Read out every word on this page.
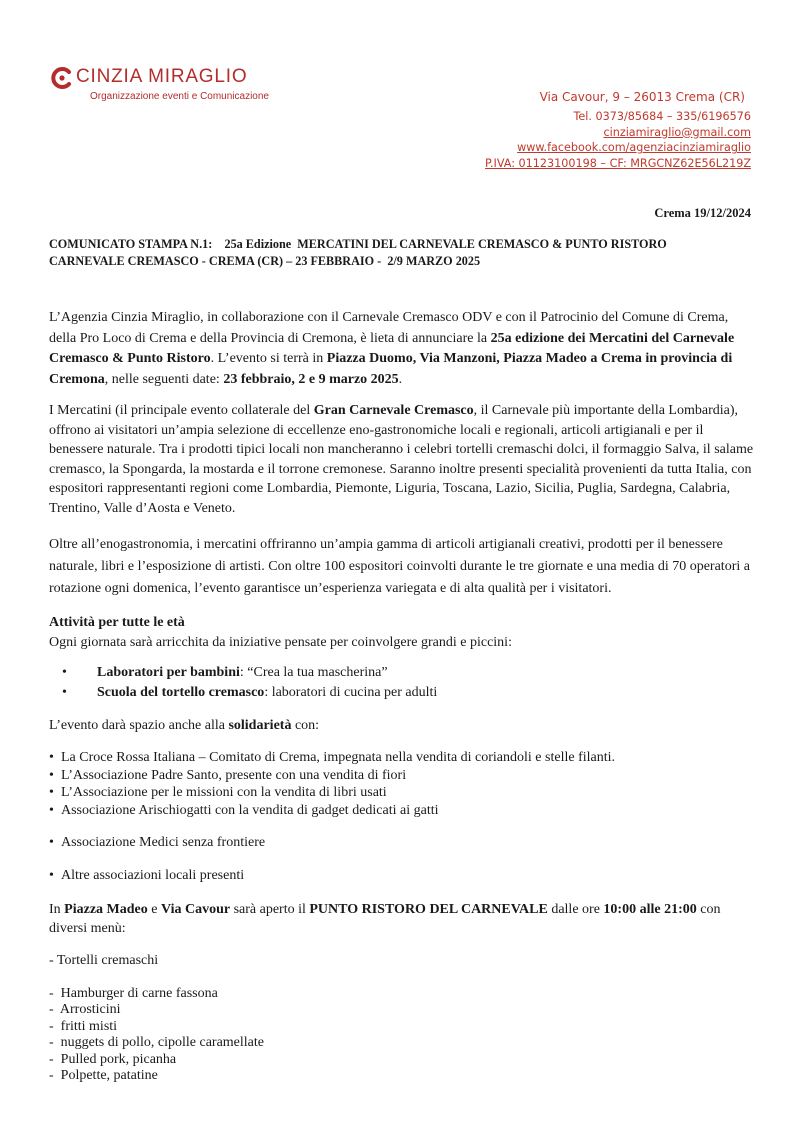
CINZIA MIRAGLIO
Organizzazione eventi e Comunicazione	Via Cavour, 9 – 26013 Crema (CR)
Tel. 0373/85684 – 335/6196576
cinziamiraglio@gmail.com
www.facebook.com/agenziacinziamiraglio
P.IVA: 01123100198 – CF: MRGCNZ62E56L219Z
Crema 19/12/2024
COMUNICATO STAMPA N.1:    25a Edizione  MERCATINI DEL CARNEVALE CREMASCO & PUNTO RISTORO
CARNEVALE CREMASCO - CREMA (CR) – 23 FEBBRAIO -  2/9 MARZO 2025

L’Agenzia Cinzia Miraglio, in collaborazione con il Carnevale Cremasco ODV e con il Patrocinio del Comune di Crema, della Pro Loco di Crema e della Provincia di Cremona, è lieta di annunciare la 25a edizione dei Mercatini del Carnevale Cremasco & Punto Ristoro. L’evento si terrà in Piazza Duomo, Via Manzoni, Piazza Madeo a Crema in provincia di Cremona, nelle seguenti date: 23 febbraio, 2 e 9 marzo 2025.

I Mercatini (il principale evento collaterale del Gran Carnevale Cremasco, il Carnevale più importante della Lombardia), offrono ai visitatori un’ampia selezione di eccellenze eno-gastronomiche locali e regionali, articoli artigianali e per il benessere naturale. Tra i prodotti tipici locali non mancheranno i celebri tortelli cremaschi dolci, il formaggio Salva, il salame cremasco, la Spongarda, la mostarda e il torrone cremonese. Saranno inoltre presenti specialità provenienti da tutta Italia, con espositori rappresentanti regioni come Lombardia, Piemonte, Liguria, Toscana, Lazio, Sicilia, Puglia, Sardegna, Calabria, Trentino, Valle d’Aosta e Veneto.

Oltre all’enogastronomia, i mercatini offriranno un’ampia gamma di articoli artigianali creativi, prodotti per il benessere naturale, libri e l’esposizione di artisti. Con oltre 100 espositori coinvolti durante le tre giornate e una media di 70 operatori a rotazione ogni domenica, l’evento garantisce un’esperienza variegata e di alta qualità per i visitatori.

Attività per tutte le età

Ogni giornata sarà arricchita da iniziative pensate per coinvolgere grandi e piccini:

• Laboratori per bambini: “Crea la tua mascherina”
• Scuola del tortello cremasco: laboratori di cucina per adulti

L’evento darà spazio anche alla solidarietà con:

• La Croce Rossa Italiana – Comitato di Crema, impegnata nella vendita di coriandoli e stelle filanti.
• L’Associazione Padre Santo, presente con una vendita di fiori
• L’Associazione per le missioni con la vendita di libri usati
• Associazione Arischiogatti con la vendita di gadget dedicati ai gatti
• Associazione Medici senza frontiere
• Altre associazioni locali presenti

In Piazza Madeo e Via Cavour sarà aperto il PUNTO RISTORO DEL CARNEVALE dalle ore 10:00 alle 21:00 con diversi menù:

- Tortelli cremaschi
-  Hamburger di carne fassona
-  Arrosticini
-  fritti misti
-  nuggets di pollo, cipolle caramellate
-  Pulled pork, picanha
-  Polpette, patatine
